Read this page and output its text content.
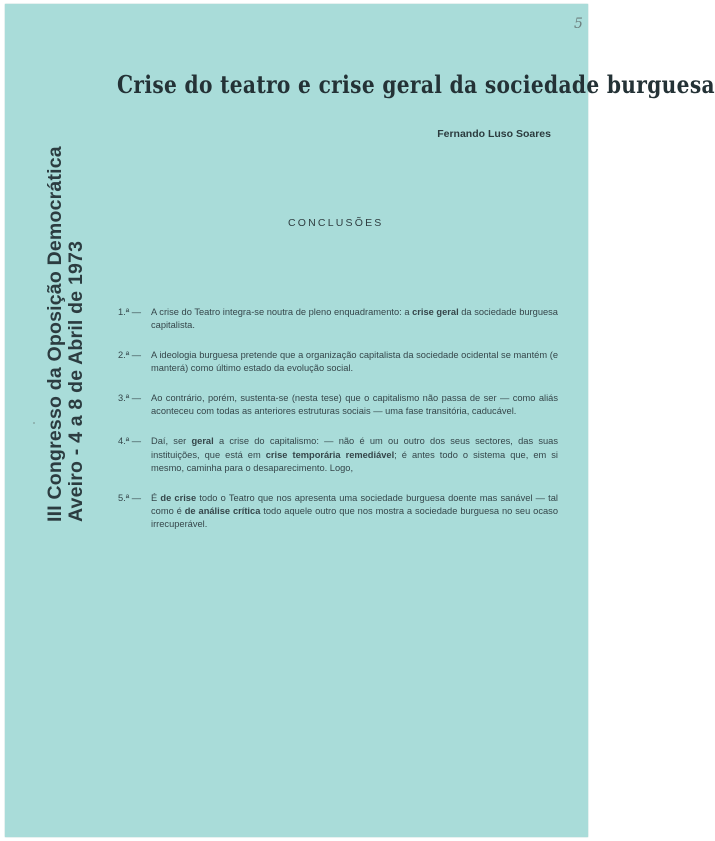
5
Crise do teatro e crise geral da sociedade burguesa
Fernando Luso Soares
III Congresso da Oposição Democrática Aveiro - 4 a 8 de Abril de 1973
CONCLUSÕES
1.ª — A crise do Teatro integra-se noutra de pleno enquadramento: a crise geral da sociedade burguesa capitalista.
2.ª — A ideologia burguesa pretende que a organização capitalista da sociedade ocidental se mantém (e manterá) como último estado da evolução social.
3.ª — Ao contrário, porém, sustenta-se (nesta tese) que o capitalismo não passa de ser — como aliás aconteceu com todas as anteriores estruturas sociais — uma fase transitória, caducável.
4.ª — Daí, ser geral a crise do capitalismo: — não é um ou outro dos seus sectores, das suas instituições, que está em crise temporária remediável; é antes todo o sistema que, em si mesmo, caminha para o desaparecimento. Logo,
5.ª — É de crise todo o Teatro que nos apresenta uma sociedade burguesa doente mas sanável — tal como é de análise crítica todo aquele outro que nos mostra a sociedade burguesa no seu ocaso irrecuperável.
